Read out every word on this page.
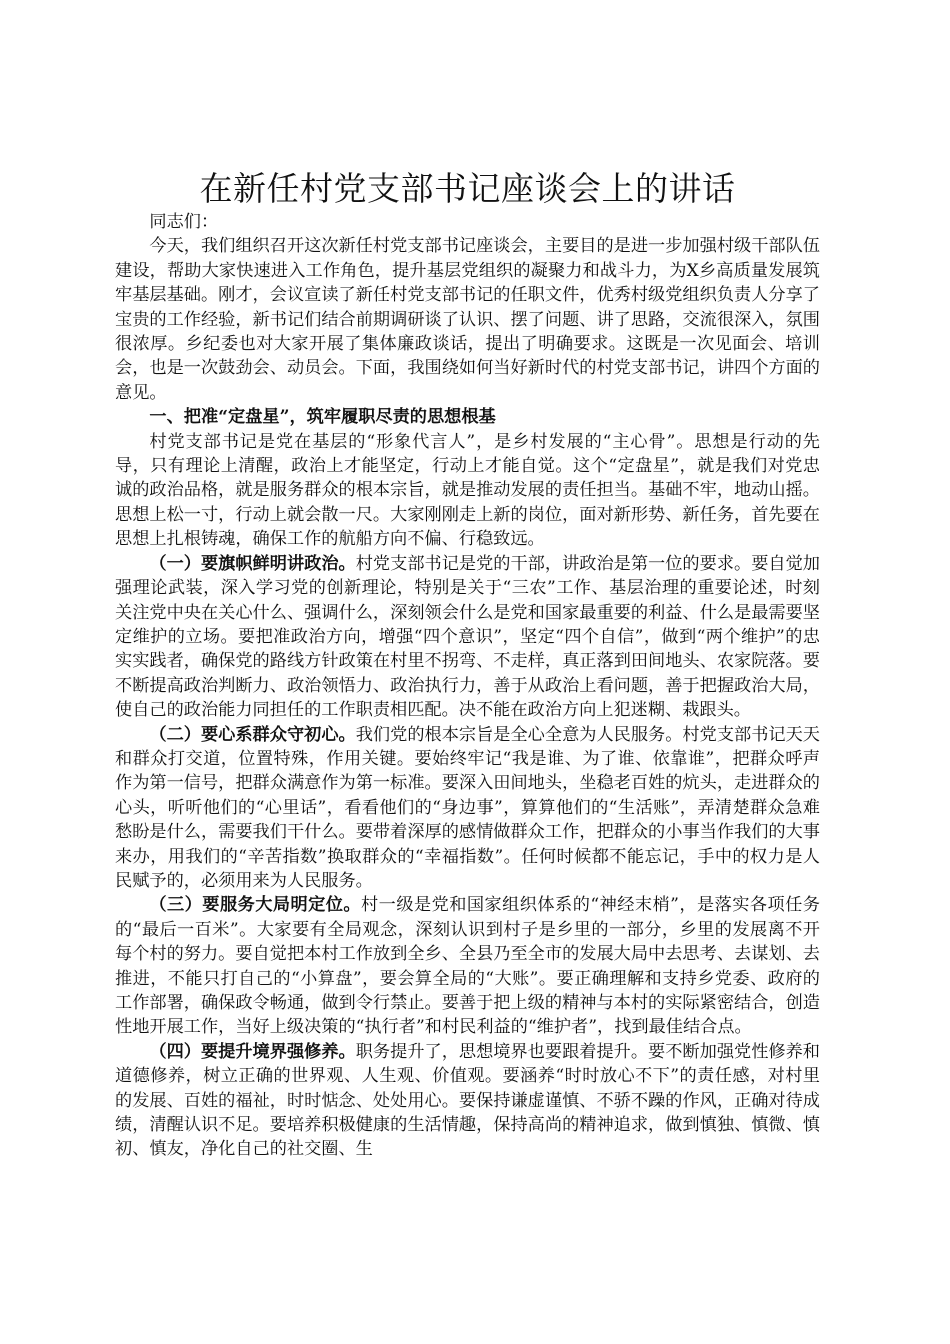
在新任村党支部书记座谈会上的讲话

同志们：

今天，我们组织召开这次新任村党支部书记座谈会，主要目的是进一步加强村级干部队伍建设，帮助大家快速进入工作角色，提升基层党组织的凝聚力和战斗力，为X乡高质量发展筑牢基层基础。刚才，会议宣读了新任村党支部书记的任职文件，优秀村级党组织负责人分享了宝贵的工作经验，新书记们结合前期调研谈了认识、摆了问题、讲了思路，交流很深入，氛围很浓厚。乡纪委也对大家开展了集体廉政谈话，提出了明确要求。这既是一次见面会、培训会，也是一次鼓劲会、动员会。下面，我围绕如何当好新时代的村党支部书记，讲四个方面的意见。

一、把准“定盘星”，筑牢履职尽责的思想根基

村党支部书记是党在基层的“形象代言人”，是乡村发展的“主心骨”。思想是行动的先导，只有理论上清醒，政治上才能坚定，行动上才能自觉。这个“定盘星”，就是我们对党忠诚的政治品格，就是服务群众的根本宗旨，就是推动发展的责任担当。基础不牢，地动山摇。思想上松一寸，行动上就会散一尺。大家刚刚走上新的岗位，面对新形势、新任务，首先要在思想上扎根铸魂，确保工作的航船方向不偏、行稳致远。

（一）要旗帜鲜明讲政治。村党支部书记是党的干部，讲政治是第一位的要求。要自觉加强理论武装，深入学习党的创新理论，特别是关于“三农”工作、基层治理的重要论述，时刻关注党中央在关心什么、强调什么，深刻领会什么是党和国家最重要的利益、什么是最需要坚定维护的立场。要把准政治方向，增强“四个意识”，坚定“四个自信”，做到“两个维护”的忠实实践者，确保党的路线方针政策在村里不拐弯、不走样，真正落到田间地头、农家院落。要不断提高政治判断力、政治领悟力、政治执行力，善于从政治上看问题，善于把握政治大局，使自己的政治能力同担任的工作职责相匹配。决不能在政治方向上犯迷糊、栽跟头。

（二）要心系群众守初心。我们党的根本宗旨是全心全意为人民服务。村党支部书记天天和群众打交道，位置特殊，作用关键。要始终牢记“我是谁、为了谁、依靠谁”，把群众呼声作为第一信号，把群众满意作为第一标准。要深入田间地头，坐稳老百姓的炕头，走进群众的心头，听听他们的“心里话”，看看他们的“身边事”，算算他们的“生活账”，弄清楚群众急难愁盼是什么，需要我们干什么。要带着深厚的感情做群众工作，把群众的小事当作我们的大事来办，用我们的“辛苦指数”换取群众的“幸福指数”。任何时候都不能忘记，手中的权力是人民赋予的，必须用来为人民服务。

（三）要服务大局明定位。村一级是党和国家组织体系的“神经末梢”，是落实各项任务的“最后一百米”。大家要有全局观念，深刻认识到村子是乡里的一部分，乡里的发展离不开每个村的努力。要自觉把本村工作放到全乡、全县乃至全市的发展大局中去思考、去谋划、去推进，不能只打自己的“小算盘”，要会算全局的“大账”。要正确理解和支持乡党委、政府的工作部署，确保政令畅通，做到令行禁止。要善于把上级的精神与本村的实际紧密结合，创造性地开展工作，当好上级决策的“执行者”和村民利益的“维护者”，找到最佳结合点。

（四）要提升境界强修养。职务提升了，思想境界也要跟着提升。要不断加强党性修养和道德修养，树立正确的世界观、人生观、价值观。要涵养“时时放心不下”的责任感，对村里的发展、百姓的福祉，时时惦念、处处用心。要保持谦虚谨慎、不骄不躁的作风，正确对待成绩，清醒认识不足。要培养积极健康的生活情趣，保持高尚的精神追求，做到慎独、慎微、慎初、慎友，净化自己的社交圈、生
